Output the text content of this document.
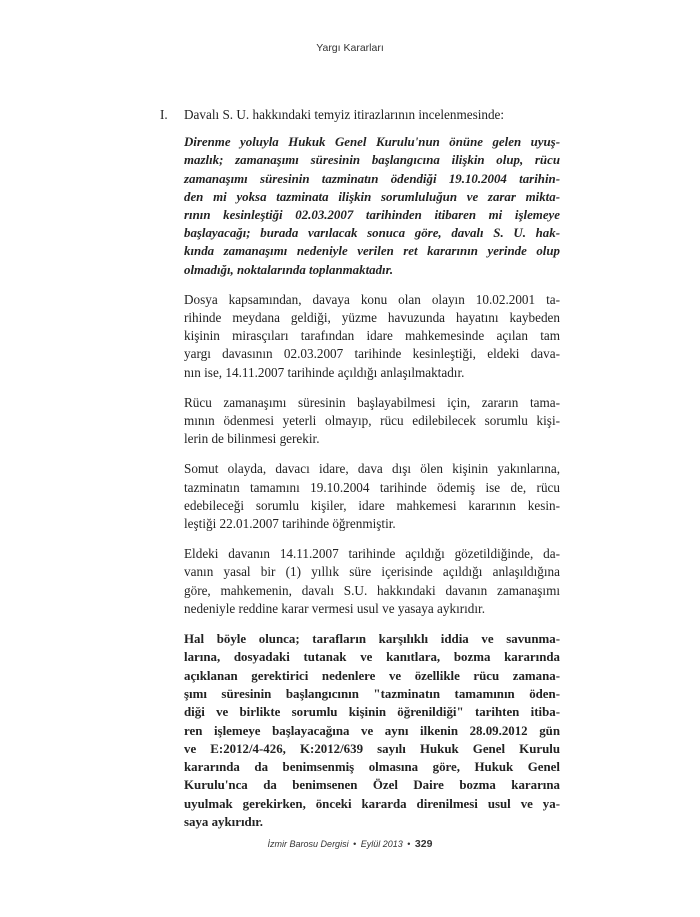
Yargı Kararları
I.	Davalı S. U. hakkındaki temyiz itirazlarının incelenmesinde:
Direnme yoluyla Hukuk Genel Kurulu'nun önüne gelen uyuş-
mazlık; zamanaşımı süresinin başlangıcına ilişkin olup, rücu
zamanaşımı süresinin tazminatın ödendiği 19.10.2004 tarihin-
den mi yoksa tazminata ilişkin sorumluluğun ve zarar mikta-
rının kesinleştiği 02.03.2007 tarihinden itibaren mi işlemeye
başlayacağı; burada varılacak sonuca göre, davalı S. U. hak-
kında zamanaşımı nedeniyle verilen ret kararının yerinde olup
olmadığı, noktalarında toplanmaktadır.
Dosya kapsamından, davaya konu olan olayın 10.02.2001 ta-
rihinde meydana geldiği, yüzme havuzunda hayatını kaybeden
kişinin mirasçıları tarafından idare mahkemesinde açılan tam
yargı davasının 02.03.2007 tarihinde kesinleştiği, eldeki dava-
nın ise, 14.11.2007 tarihinde açıldığı anlaşılmaktadır.
Rücu zamanaşımı süresinin başlayabilmesi için, zararın tama-
mının ödenmesi yeterli olmayıp, rücu edilebilecek sorumlu kişi-
lerin de bilinmesi gerekir.
Somut olayda, davacı idare, dava dışı ölen kişinin yakınlarına,
tazminatın tamamını 19.10.2004 tarihinde ödemiş ise de, rücu
edebileceği sorumlu kişiler, idare mahkemesi kararının kesin-
leştiği 22.01.2007 tarihinde öğrenmiştir.
Eldeki davanın 14.11.2007 tarihinde açıldığı gözetildiğinde, da-
vanın yasal bir (1) yıllık süre içerisinde açıldığı anlaşıldığına
göre, mahkemenin, davalı S.U. hakkındaki davanın zamanaşımı
nedeniyle reddine karar vermesi usul ve yasaya aykırıdır.
Hal böyle olunca; tarafların karşılıklı iddia ve savunma-
larına, dosyadaki tutanak ve kanıtlara, bozma kararında
açıklanan gerektirici nedenlere ve özellikle rücu zamana-
şımı süresinin başlangıcının "tazminatın tamamının öden-
diği ve birlikte sorumlu kişinin öğrenildiği" tarihten itiba-
ren işlemeye başlayacağına ve aynı ilkenin 28.09.2012 gün
ve E:2012/4-426, K:2012/639 sayılı Hukuk Genel Kurulu
kararında da benimsenmiş olmasına göre, Hukuk Genel
Kurulu'nca da benimsenen Özel Daire bozma kararına
uyulmak gerekirken, önceki kararda direnilmesi usul ve ya-
saya aykırıdır.
İzmir Barosu Dergisi • Eylül 2013 • 329
